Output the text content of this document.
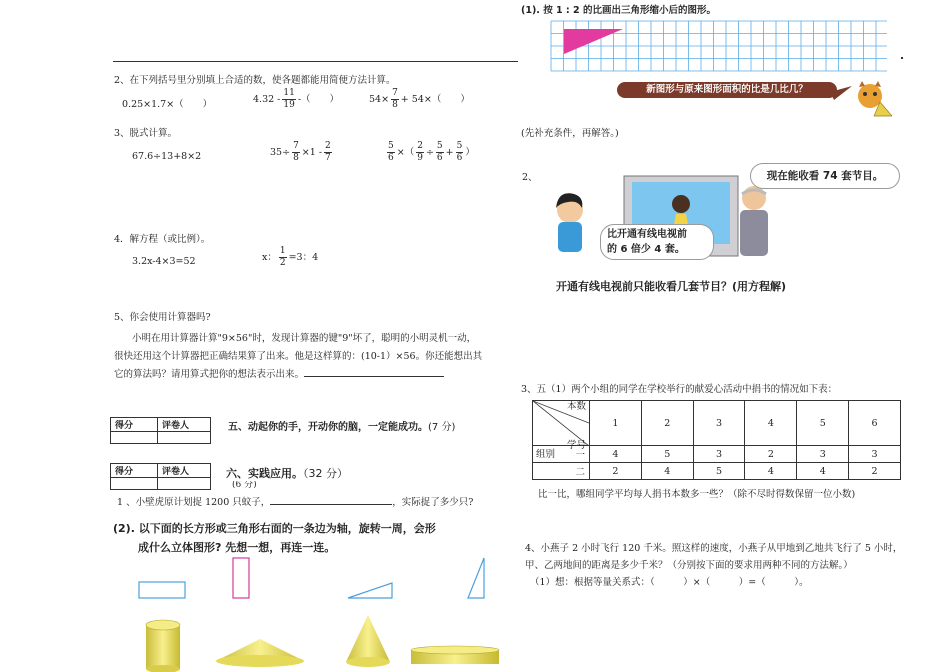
2、在下列括号里分别填上合适的数，使各题都能用简便方法计算。
0.25×1.7×（　　）	$4.32 - \frac{11}{19}$ -（　　）	$54\times \frac{7}{8} + 54\times$（　　）
3、脱式计算。
67.6÷13+8×2	$35\div \frac{7}{8} \times 1 - \frac{2}{7}$	$\frac{5}{6}$ ×（ $\frac{2}{9} \div \frac{5}{6} + \frac{5}{6}$ ）
4．解方程（或比例）。
3.2x-4×3=52	x： $\frac{1}{2} =3$：4
5、你会使用计算器吗?
小明在用计算器计算"9×56"时，发现计算器的键"9"坏了，聪明的小明灵机一动，
很快还用这个计算器把正确结果算了出来。他是这样算的：(10-1）×56。你还能想出其
它的算法吗？请用算式把你的想法表示出来。
得分	评卷人
		五、动起你的手，开动你的脑，一定能成功。(7 分)
得分	评卷人
		六、实践应用。（32 分）
(6 分)
1 、小壁虎原计划捉 1200 只蚊子，	，实际捉了多少只?
(2). 以下面的长方形或三角形右面的一条边为轴，旋转一周，会形
成什么立体图形? 先想一想，再连一连。
(1). 按 1 : 2 的比画出三角形缩小后的图形。
新图形与原来图形面积的比是几比几？
(先补充条件，再解答。)
2、	现在能收看 74 套节目。
比开通有线电视前
的 6 倍少 4 套。
开通有线电视前只能收看几套节目？(用方程解)
3、五（1）两个小组的同学在学校举行的献爱心活动中捐书的情况如下表：
	1	2	3	4	5	6
一	4	5	3	2	3	3
二	2	4	5	4	4	2
本数
学号
组别
比一比，哪组同学平均每人捐书本数多一些？（除不尽时得数保留一位小数)
4、小燕子 2 小时飞行 120 千米。照这样的速度，小燕子从甲地到乙地共飞行了 5 小时，
甲、乙两地间的距离是多少千米？（分别按下面的要求用两种不同的方法解。）
（1）想：根据等量关系式：（　　　）×（　　　）=（　　　）。
